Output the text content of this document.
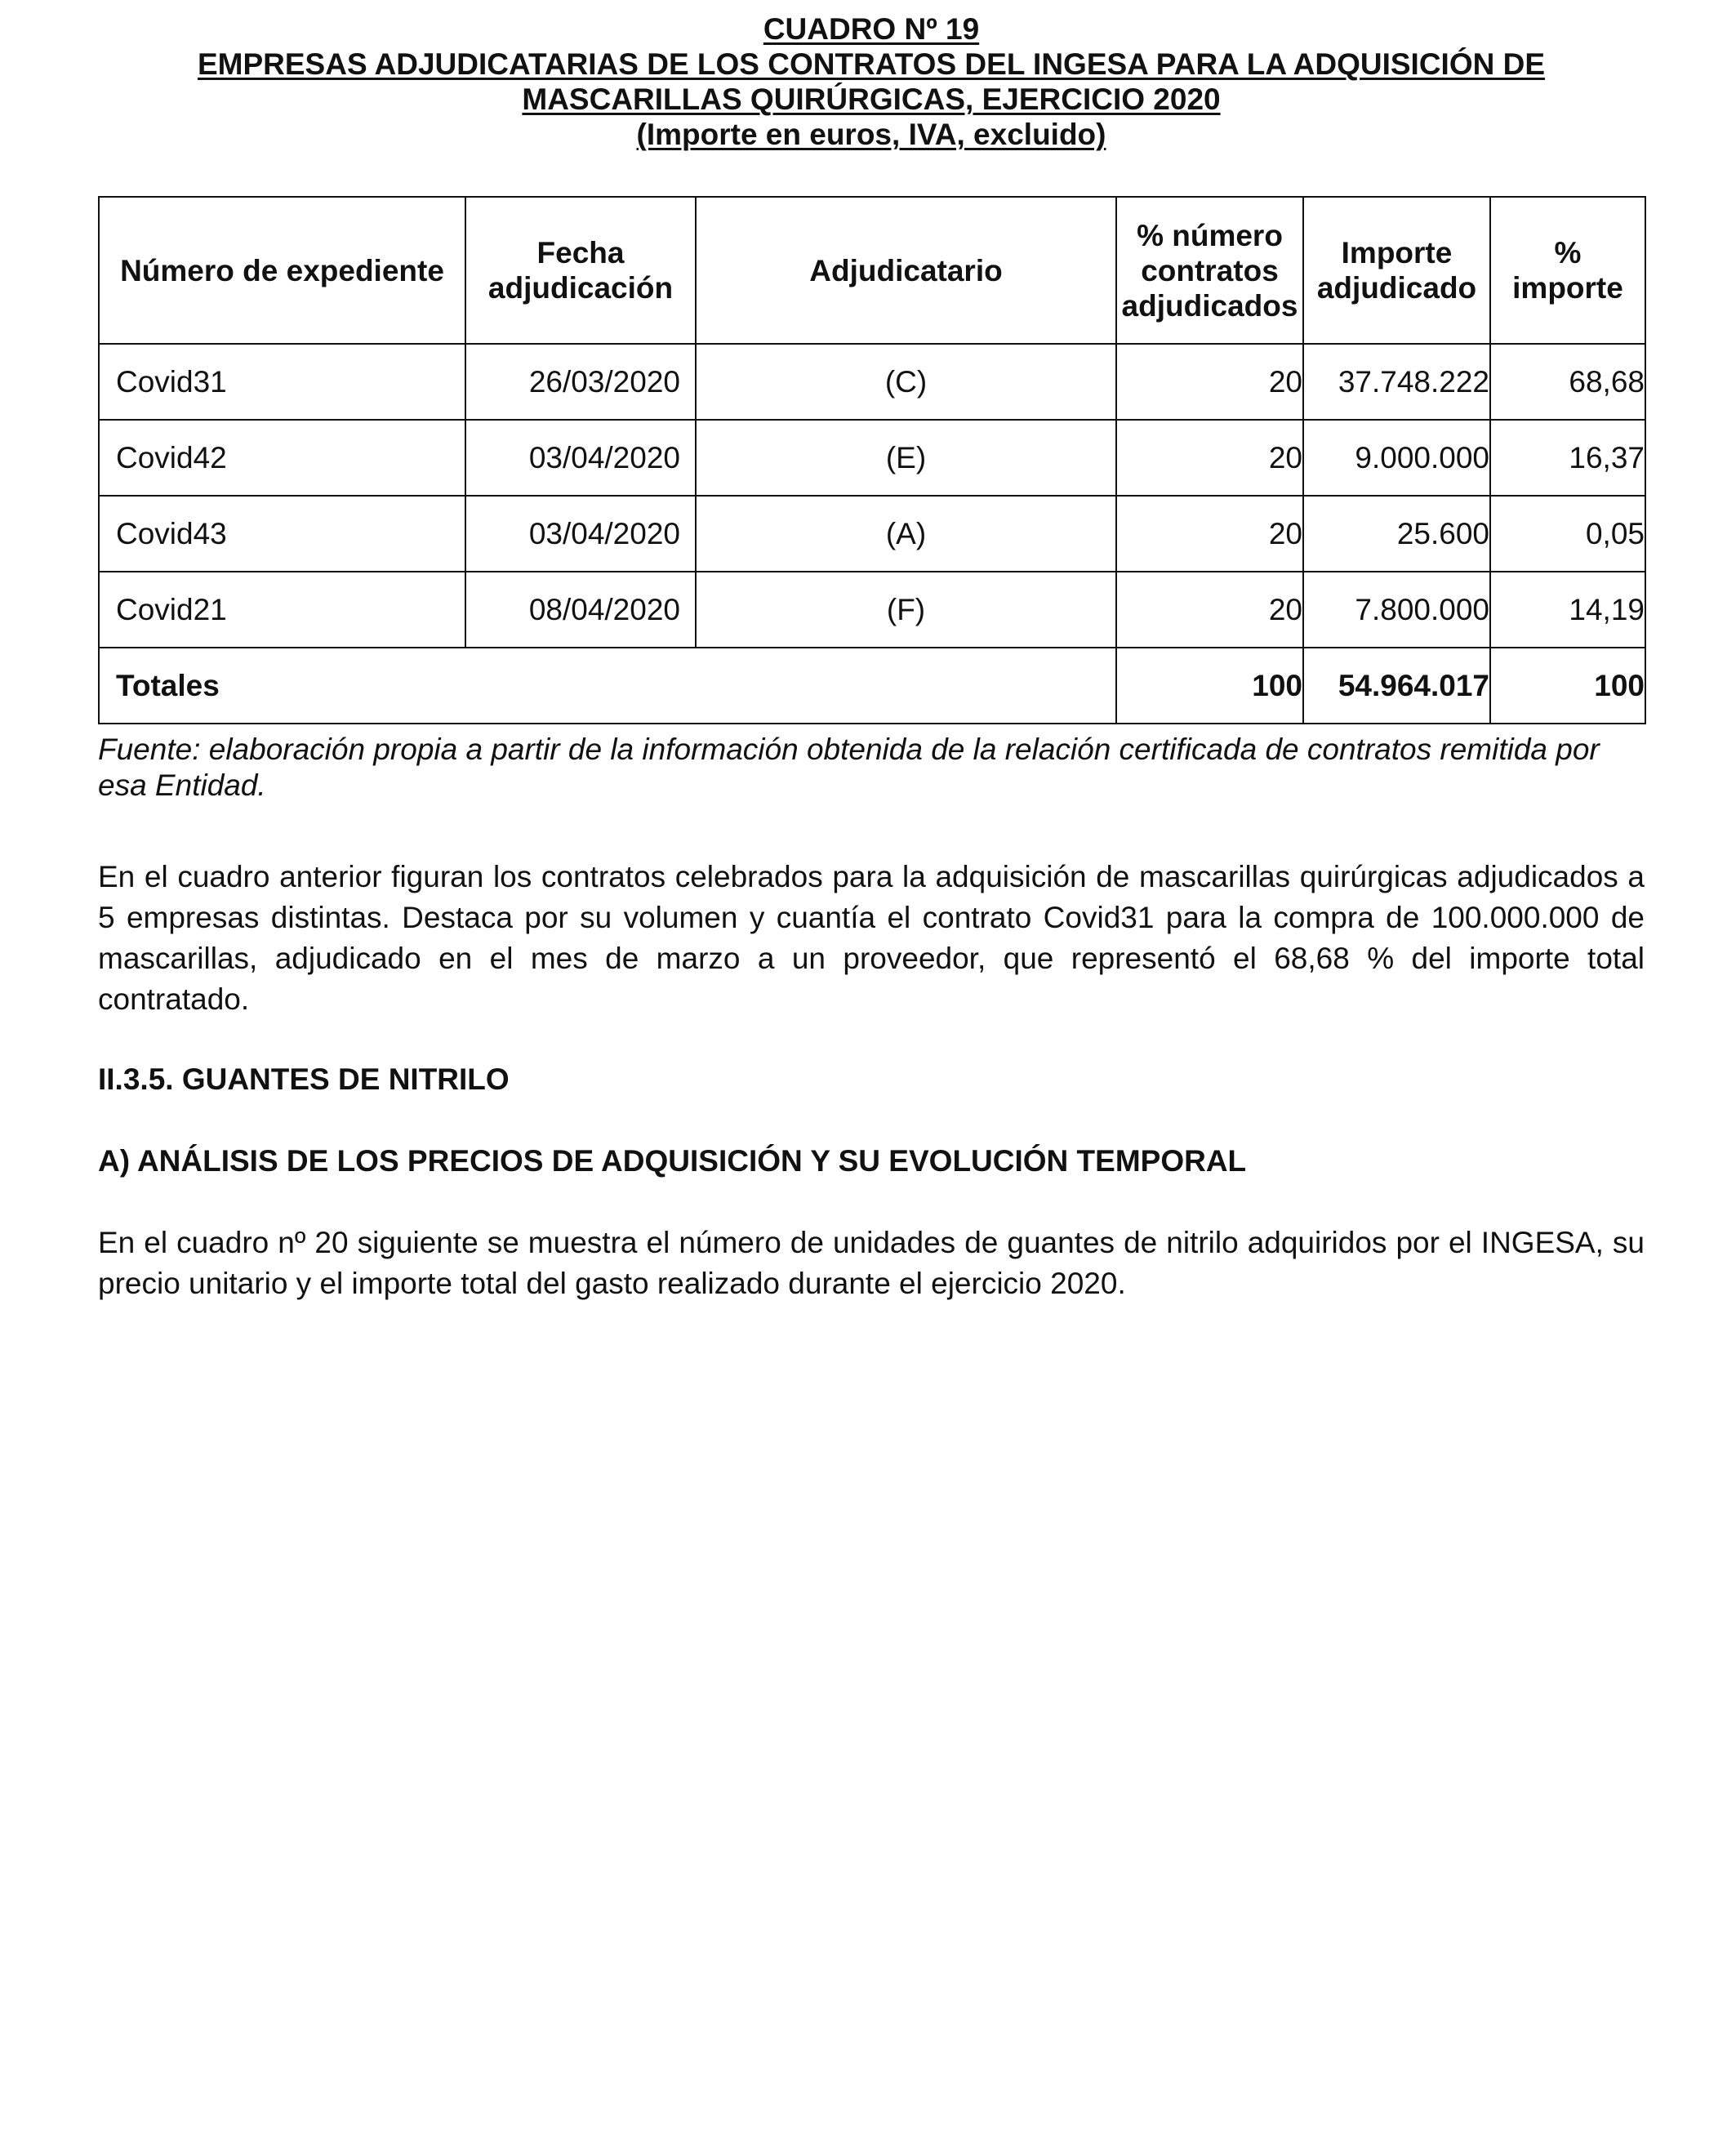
CUADRO Nº 19
EMPRESAS ADJUDICATARIAS DE LOS CONTRATOS DEL INGESA PARA LA ADQUISICIÓN DE
MASCARILLAS QUIRÚRGICAS, EJERCICIO 2020
(Importe en euros, IVA, excluido)
Número de expediente	Fecha adjudicación	Adjudicatario	% número contratos adjudicados	Importe adjudicado	% importe
Covid31	26/03/2020	(C)	20	37.748.222	68,68
Covid42	03/04/2020	(E)	20	9.000.000	16,37
Covid43	03/04/2020	(A)	20	25.600	0,05
Covid21	08/04/2020	(F)	20	7.800.000	14,19
Totales			100	54.964.017	100
Fuente: elaboración propia a partir de la información obtenida de la relación certificada de contratos remitida por esa Entidad.
En el cuadro anterior figuran los contratos celebrados para la adquisición de mascarillas quirúrgicas adjudicados a 5 empresas distintas. Destaca por su volumen y cuantía el contrato Covid31 para la compra de 100.000.000 de mascarillas, adjudicado en el mes de marzo a un proveedor, que representó el 68,68 % del importe total contratado.
II.3.5. GUANTES DE NITRILO
A) ANÁLISIS DE LOS PRECIOS DE ADQUISICIÓN Y SU EVOLUCIÓN TEMPORAL
En el cuadro nº 20 siguiente se muestra el número de unidades de guantes de nitrilo adquiridos por el INGESA, su precio unitario y el importe total del gasto realizado durante el ejercicio 2020.
